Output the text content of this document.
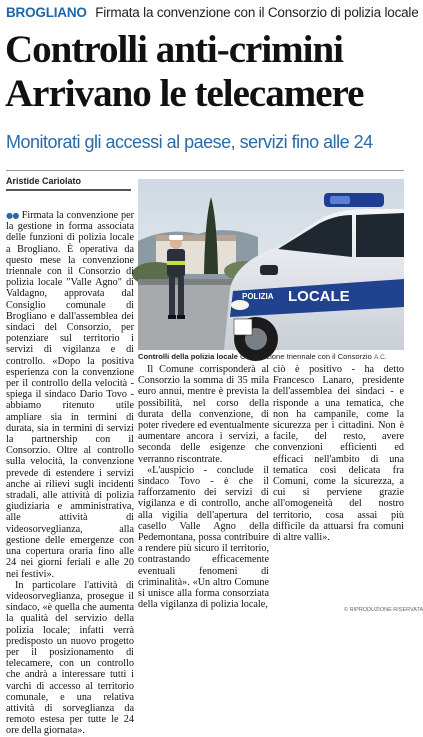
BROGLIANO Firmata la convenzione con il Consorzio di polizia locale
Controlli anti-crimini
Arrivano le telecamere
Monitorati gli accessi al paese, servizi fino alle 24
Aristide Cariolato
POLIZIA LOCALE
Controlli della polizia locale Convenzione triennale con il Consorzio A.C.

●● Firmata la convenzione per la gestione in forma associata delle funzioni di polizia locale a Brogliano. È operativa da questo mese la convenzione triennale con il Consorzio di polizia locale "Valle Agno" di Valdagno, approvata dal Consiglio comunale di Brogliano e dall'assemblea dei sindaci del Consorzio, per potenziare sul territorio i servizi di vigilanza e di controllo. «Dopo la positiva esperienza con la convenzione per il controllo della velocità - spiega il sindaco Dario Tovo - abbiamo ritenuto utile ampliare sia in termini di durata, sia in termini di servizi la partnership con il Consorzio. Oltre al controllo sulla velocità, la convenzione prevede di estendere i servizi anche ai rilievi sugli incidenti stradali, alle attività di polizia giudiziaria e amministrativa, alle attività di videosorveglianza, alla gestione delle emergenze con una copertura oraria fino alle 24 nei giorni feriali e alle 20 nei festivi».

In particolare l'attività di videosorveglianza, prosegue il sindaco, «è quella che aumenta la qualità del servizio della polizia locale; infatti verrà predisposto un nuovo progetto per il posizionamento di telecamere, con un controllo che andrà a interessare tutti i varchi di accesso al territorio comunale, e una relativa attività di sorveglianza da remoto estesa per tutte le 24 ore della giornata».

Il Comune corrisponderà al Consorzio la somma di 35 mila euro annui, mentre è prevista la possibilità, nel corso della durata della convenzione, di poter rivedere ed eventualmente aumentare ancora i servizi, a seconda delle esigenze che verranno riscontrate.

«L'auspicio - conclude il sindaco Tovo - è che il rafforzamento dei servizi di vigilanza e di controllo, anche alla vigilia dell'apertura del casello Valle Agno della Pedemontana, possa contribuire a rendere più sicuro il territorio, contrastando efficacemente eventuali fenomeni di criminalità». «Un altro Comune si unisce alla forma consorziata della vigilanza di polizia locale,

ciò è positivo - ha detto Francesco Lanaro, presidente dell'assemblea dei sindaci - e risponde a una tematica, che non ha campanile, come la sicurezza per i cittadini. Non è facile, del resto, avere convenzioni efficienti ed efficaci nell'ambito di una tematica così delicata fra Comuni, come la sicurezza, a cui si perviene grazie all'omogeneità del nostro territorio, cosa assai più difficile da attuarsi fra comuni di altre valli».

© RIPRODUZIONE RISERVATA
